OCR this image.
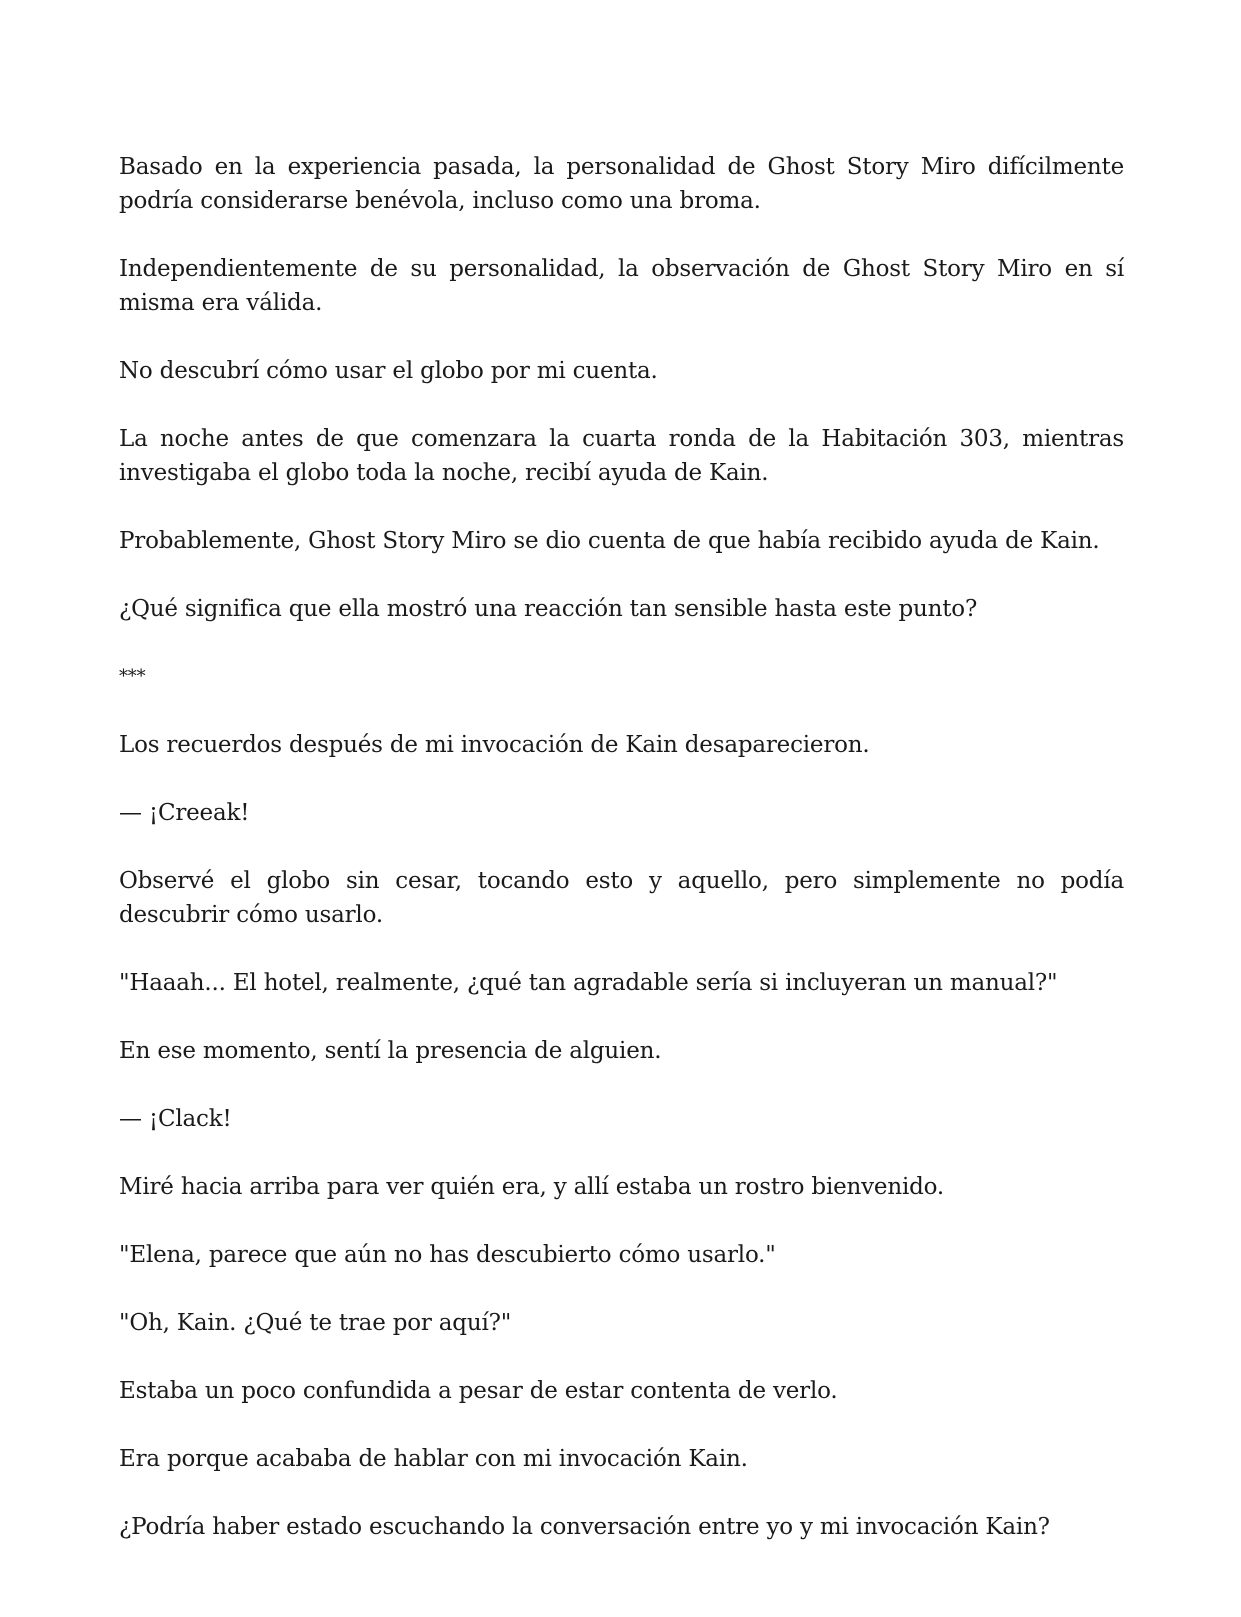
Basado en la experiencia pasada, la personalidad de Ghost Story Miro difícilmente podría considerarse benévola, incluso como una broma.

Independientemente de su personalidad, la observación de Ghost Story Miro en sí misma era válida.

No descubrí cómo usar el globo por mi cuenta.

La noche antes de que comenzara la cuarta ronda de la Habitación 303, mientras investigaba el globo toda la noche, recibí ayuda de Kain.

Probablemente, Ghost Story Miro se dio cuenta de que había recibido ayuda de Kain.

¿Qué significa que ella mostró una reacción tan sensible hasta este punto?

***

Los recuerdos después de mi invocación de Kain desaparecieron.

— ¡Creeak!

Observé el globo sin cesar, tocando esto y aquello, pero simplemente no podía descubrir cómo usarlo.

"Haaah... El hotel, realmente, ¿qué tan agradable sería si incluyeran un manual?"

En ese momento, sentí la presencia de alguien.

— ¡Clack!

Miré hacia arriba para ver quién era, y allí estaba un rostro bienvenido.

"Elena, parece que aún no has descubierto cómo usarlo."

"Oh, Kain. ¿Qué te trae por aquí?"

Estaba un poco confundida a pesar de estar contenta de verlo.

Era porque acababa de hablar con mi invocación Kain.

¿Podría haber estado escuchando la conversación entre yo y mi invocación Kain?
